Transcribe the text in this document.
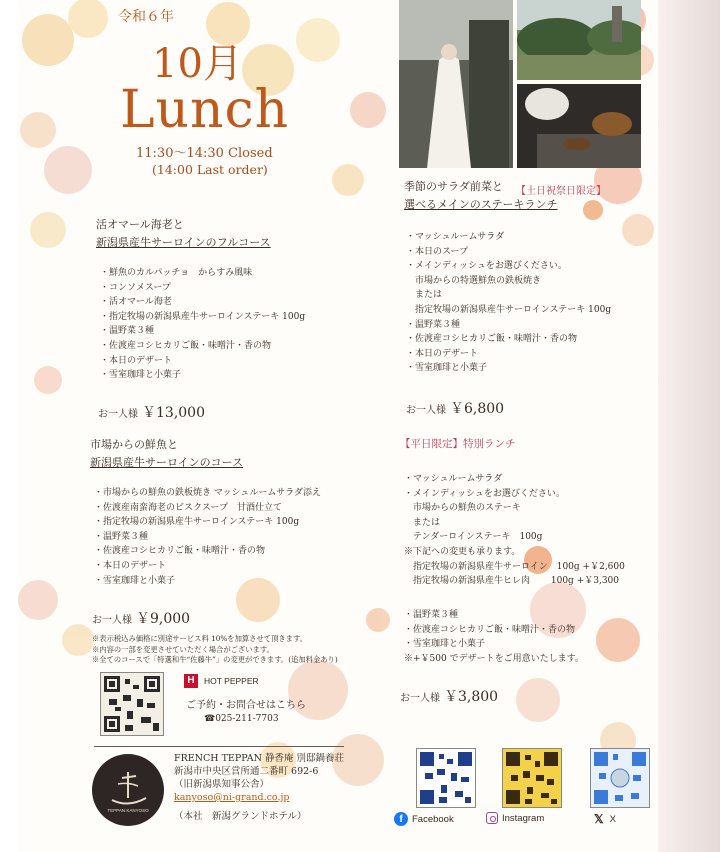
令和６年
10月
Lunch
11:30～14:30 Closed
(14:00 Last order)
活オマール海老と
新潟県産牛サーロインのフルコース
・鮮魚のカルパッチョ　からすみ風味
・コンソメスープ
・活オマール海老
・指定牧場の新潟県産牛サーロインステーキ 100g
・温野菜３種
・佐渡産コシヒカリご飯・味噌汁・香の物
・本日のデザート
・雪室珈琲と小菓子
お一人様 ￥13,000
市場からの鮮魚と
新潟県産牛サーロインのコース
・市場からの鮮魚の鉄板焼き マッシュルームサラダ添え
・佐渡産南蛮海老のビスクスープ　甘酒仕立て
・指定牧場の新潟県産牛サーロインステーキ 100g
・温野菜３種
・佐渡産コシヒカリご飯・味噌汁・香の物
・本日のデザート
・雪室珈琲と小菓子
お一人様 ￥9,000
※表示税込み価格に別途サービス料 10%を加算させて頂きます。
※内容の一部を変更させていただく場合がございます。
※全てのコースで「特選和牛“佐藤牛”」の変更ができます。(追加料金あり)
季節のサラダ前菜と
選べるメインのステーキランチ
【土日祝祭日限定】
・マッシュルームサラダ
・本日のスープ
・メインディッシュをお選びください。
　市場からの特選鮮魚の鉄板焼き
　または
　指定牧場の新潟県産牛サーロインステーキ 100g
・温野菜３種
・佐渡産コシヒカリご飯・味噌汁・香の物
・本日のデザート
・雪室珈琲と小菓子
お一人様 ￥6,800
【平日限定】特別ランチ
・マッシュルームサラダ
・メインディッシュをお選びください。
　市場からの鮮魚のステーキ
　または
　テンダーロインステーキ　100g
※下記への変更も承ります。
　指定牧場の新潟県産牛サーロイン　100g +￥2,600
　指定牧場の新潟県産牛ヒレ肉　　 100g +￥3,300
・温野菜３種
・佐渡産コシヒカリご飯・味噌汁・香の物
・雪室珈琲と小菓子
※+￥500 でデザートをご用意いたします。
お一人様 ￥3,800
H	HOT PEPPER
ご予約・お問合せはこちら
☎025-211-7703
TEPPAN KANYOSO
FRENCH TEPPAN 静香庵 別邸鍋養荘
新潟市中央区営所通二番町 692-6
（旧新潟県知事公舎）
kanyoso@ni-grand.co.jp
（本社　新潟グランドホテル）	f Facebook	Instagram	𝕏 X
